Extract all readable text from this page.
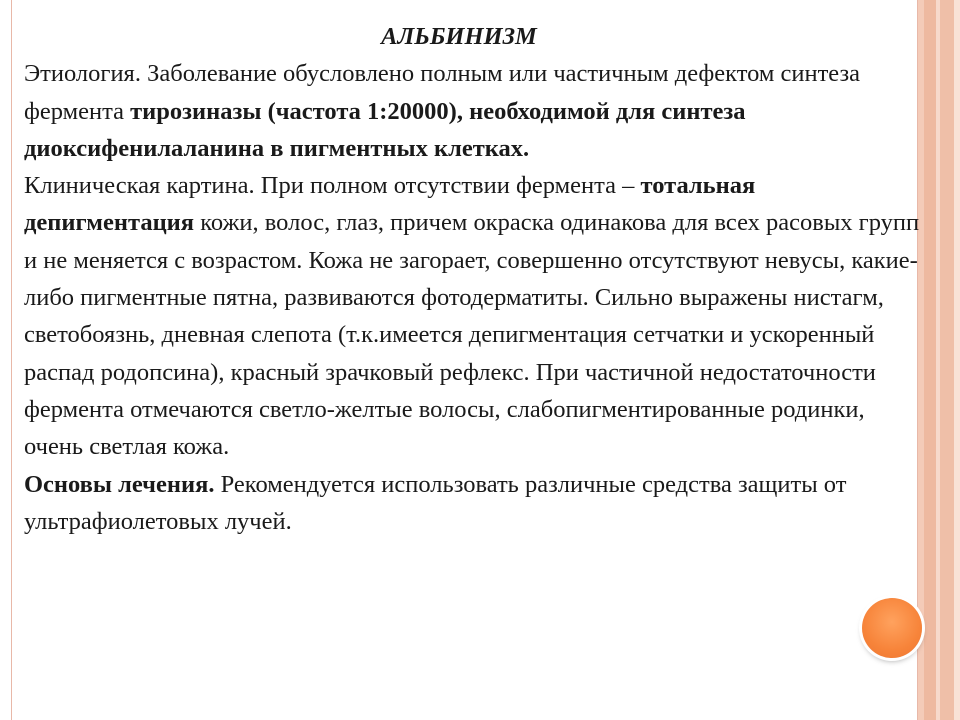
АЛЬБИНИЗМ

Этиология. Заболевание обусловлено полным или частичным дефектом синтеза фермента тирозиназы (частота 1:20000), необходимой для синтеза диоксифенилаланина в пигментных клетках.

Клиническая картина. При полном отсутствии фермента – тотальная депигментация кожи, волос, глаз, причем окраска одинакова для всех расовых групп и не меняется с возрастом. Кожа не загорает, совершенно отсутствуют невусы, какие-либо пигментные пятна, развиваются фотодерматиты. Сильно выражены нистагм, светобоязнь, дневная слепота (т.к.имеется депигментация сетчатки и ускоренный распад родопсина), красный зрачковый рефлекс. При частичной недостаточности фермента отмечаются светло-желтые волосы, слабопигментированные родинки, очень светлая кожа.

Основы лечения. Рекомендуется использовать различные средства защиты от ультрафиолетовых лучей.
